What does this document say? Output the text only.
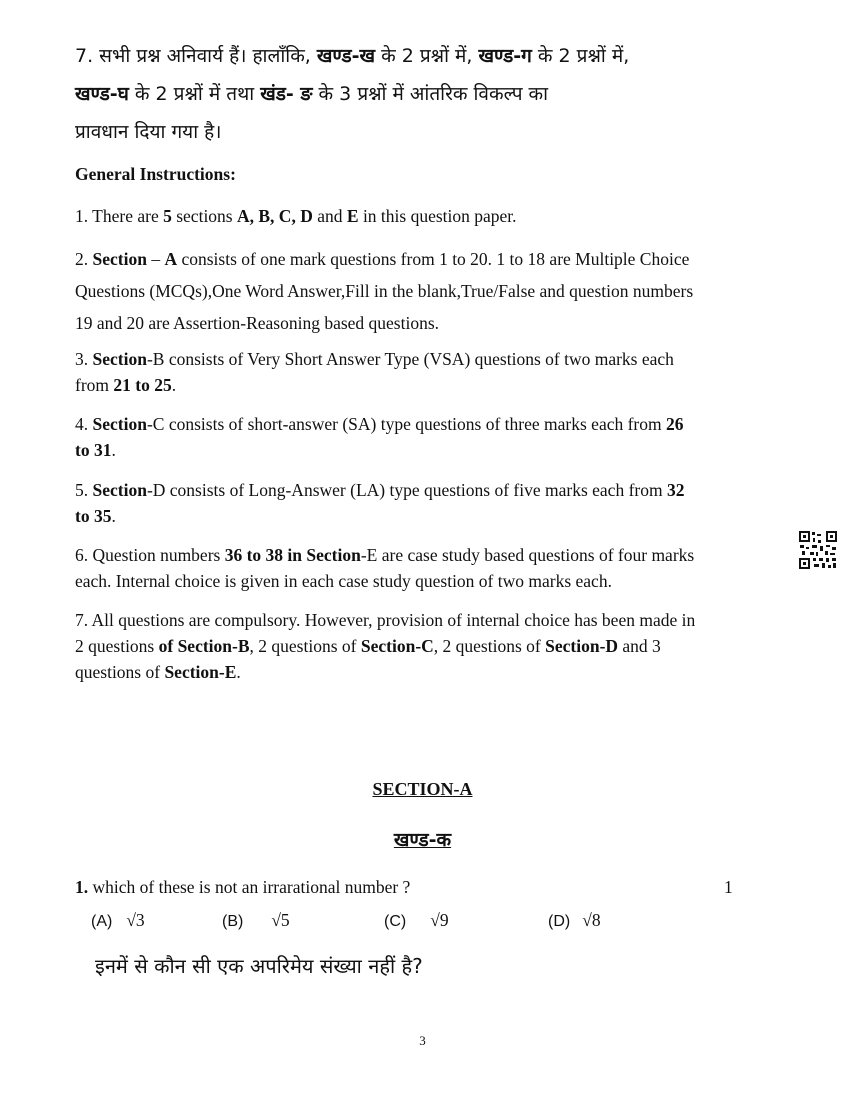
7. सभी प्रश्न अनिवार्य हैं। हालाँकि, खण्ड-ख के 2 प्रश्नों में, खण्ड-ग के 2 प्रश्नों में,
खण्ड-घ के 2 प्रश्नों में तथा खंड- ङ के 3 प्रश्नों में आंतरिक विकल्प का
प्रावधान दिया गया है।
General Instructions:
1. There are 5 sections A, B, C, D and E in this question paper.
2. Section – A consists of one mark questions from 1 to 20. 1 to 18 are Multiple Choice
Questions (MCQs),One Word Answer,Fill in the blank,True/False and question numbers
19 and 20 are Assertion-Reasoning based questions.
3. Section-B consists of Very Short Answer Type (VSA) questions of two marks each
from 21 to 25.
4. Section-C consists of short-answer (SA) type questions of three marks each from 26
to 31.
5. Section-D consists of Long-Answer (LA) type questions of five marks each from 32
to 35.
6. Question numbers 36 to 38 in Section-E are case study based questions of four marks
each. Internal choice is given in each case study question of two marks each.
7. All questions are compulsory. However, provision of internal choice has been made in
2 questions of Section-B, 2 questions of Section-C, 2 questions of Section-D and 3
questions of Section-E.
SECTION-A
खण्ड-क
1. which of these is not an irrarational number ?	1
(A) √3	(B) √5	(C) √9	(D) √8
इनमें से कौन सी एक अपरिमेय संख्या नहीं है?
3
